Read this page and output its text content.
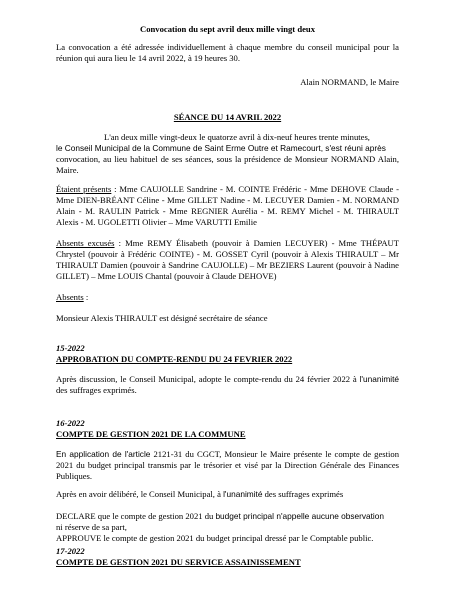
Convocation du sept avril deux mille vingt deux

La convocation a été adressée individuellement à chaque membre du conseil municipal pour la réunion qui aura lieu le 14 avril 2022, à 19 heures 30.

Alain NORMAND, le Maire

SÉANCE DU 14 AVRIL 2022

L'an deux mille vingt-deux le quatorze avril à dix-neuf heures trente minutes,
le Conseil Municipal de la Commune de Saint Erme Outre et Ramecourt, s'est réuni après
convocation, au lieu habituel de ses séances, sous la présidence de Monsieur NORMAND Alain, Maire.

Étaient présents : Mme CAUJOLLE Sandrine - M. COINTE Frédéric - Mme DEHOVE Claude - Mme DIEN-BRÉANT Céline - Mme GILLET Nadine - M. LECUYER Damien - M. NORMAND Alain - M. RAULIN Patrick - Mme REGNIER Aurélia - M. REMY Michel - M. THIRAULT Alexis - M. UGOLETTI Olivier – Mme VARUTTI Emilie

Absents excusés : Mme REMY Élisabeth (pouvoir à Damien LECUYER) - Mme THÉPAUT Chrystel (pouvoir à Frédéric COINTE) - M. GOSSET Cyril (pouvoir à Alexis THIRAULT – Mr THIRAULT Damien (pouvoir à Sandrine CAUJOLLE) – Mr BEZIERS Laurent (pouvoir à Nadine GILLET) – Mme LOUIS Chantal (pouvoir à Claude DEHOVE)

Absents :

Monsieur Alexis THIRAULT est désigné secrétaire de séance

15-2022

APPROBATION DU COMPTE-RENDU DU 24 FEVRIER 2022

Après discussion, le Conseil Municipal, adopte le compte-rendu du 24 février 2022 à l'unanimité des suffrages exprimés.

16-2022

COMPTE DE GESTION 2021 DE LA COMMUNE

En application de l'article 2121-31 du CGCT, Monsieur le Maire présente le compte de gestion 2021 du budget principal transmis par le trésorier et visé par la Direction Générale des Finances Publiques.

Après en avoir délibéré, le Conseil Municipal, à l'unanimité des suffrages exprimés

DECLARE que le compte de gestion 2021 du budget principal n'appelle aucune observation
ni réserve de sa part,
APPROUVE le compte de gestion 2021 du budget principal dressé par le Comptable public.

17-2022

COMPTE DE GESTION 2021 DU SERVICE ASSAINISSEMENT
